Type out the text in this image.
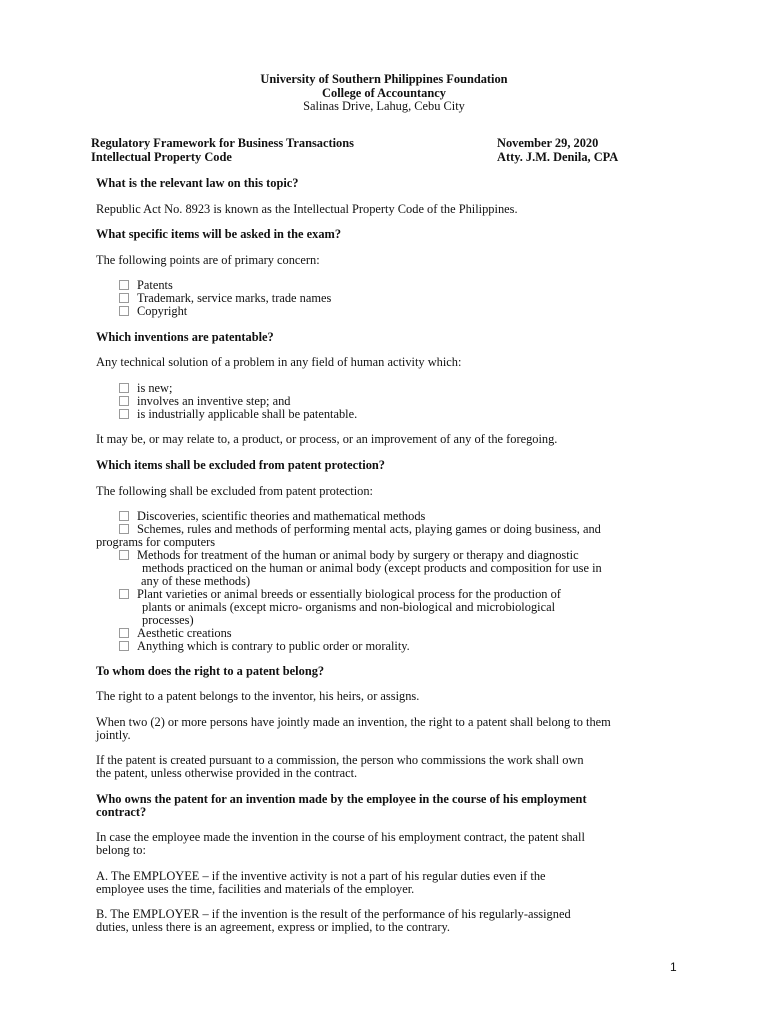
University of Southern Philippines Foundation
College of Accountancy
Salinas Drive, Lahug, Cebu City
Regulatory Framework for Business Transactions	November 29, 2020
Intellectual Property Code	Atty. J.M. Denila, CPA
What is the relevant law on this topic?
Republic Act No. 8923 is known as the Intellectual Property Code of the Philippines.
What specific items will be asked in the exam?
The following points are of primary concern:
Patents
Trademark, service marks, trade names
Copyright
Which inventions are patentable?
Any technical solution of a problem in any field of human activity which:
is new;
involves an inventive step; and
is industrially applicable shall be patentable.
It may be, or may relate to, a product, or process, or an improvement of any of the foregoing.
Which items shall be excluded from patent protection?
The following shall be excluded from patent protection:
Discoveries, scientific theories and mathematical methods
Schemes, rules and methods of performing mental acts, playing games or doing business, and
programs for computers
Methods for treatment of the human or animal body by surgery or therapy and diagnostic
methods practiced on the human or animal body (except products and composition for use in
any of these methods)
Plant varieties or animal breeds or essentially biological process for the production of
plants or animals (except micro- organisms and non-biological and microbiological
processes)
Aesthetic creations
Anything which is contrary to public order or morality.
To whom does the right to a patent belong?
The right to a patent belongs to the inventor, his heirs, or assigns.
When two (2) or more persons have jointly made an invention, the right to a patent shall belong to them
jointly.
If the patent is created pursuant to a commission, the person who commissions the work shall own
the patent, unless otherwise provided in the contract.
Who owns the patent for an invention made by the employee in the course of his employment
contract?
In case the employee made the invention in the course of his employment contract, the patent shall
belong to:
A. The EMPLOYEE – if the inventive activity is not a part of his regular duties even if the
employee uses the time, facilities and materials of the employer.
B. The EMPLOYER – if the invention is the result of the performance of his regularly-assigned
duties, unless there is an agreement, express or implied, to the contrary.
1
